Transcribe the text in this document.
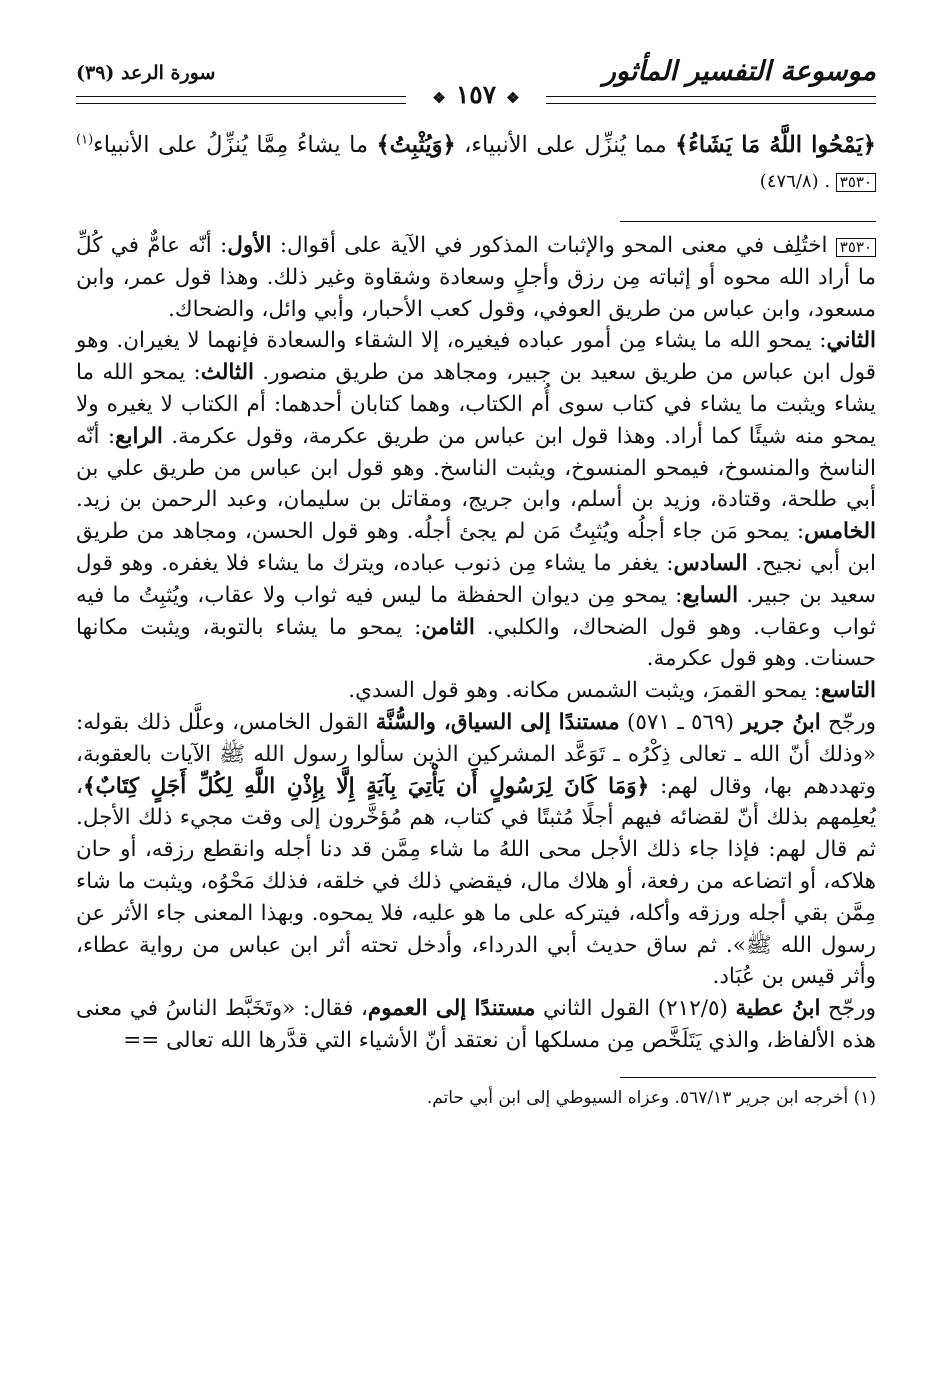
موسوعة التفسير المأثور
سورة الرعد (٣٩)
❖١٥٧❖
﴿يَمْحُوا اللَّهُ مَا يَشَاءُ﴾ مما يُنزِّل على الأنبياء، ﴿وَيُثْبِتُ﴾ ما يشاءُ مِمَّا يُنزِّلُ على الأنبياء$^{(١)}$٣٥٣٠ . (٤٧٦/٨)

٣٥٣٠ اختُلِف في معنى المحو والإثبات المذكور في الآية على أقوال: الأول: أنّه عامٌّ في كُلِّ ما أراد الله محوه أو إثباته مِن رزق وأجلٍ وسعادة وشقاوة وغير ذلك. وهذا قول عمر، وابن مسعود، وابن عباس من طريق العوفي، وقول كعب الأحبار، وأبي وائل، والضحاك.

الثاني: يمحو الله ما يشاء مِن أمور عباده فيغيره، إلا الشقاء والسعادة فإنهما لا يغيران. وهو قول ابن عباس من طريق سعيد بن جبير، ومجاهد من طريق منصور. الثالث: يمحو الله ما يشاء ويثبت ما يشاء في كتاب سوى أُم الكتاب، وهما كتابان أحدهما: أم الكتاب لا يغيره ولا يمحو منه شيئًا كما أراد. وهذا قول ابن عباس من طريق عكرمة، وقول عكرمة. الرابع: أنّه الناسخ والمنسوخ، فيمحو المنسوخ، ويثبت الناسخ. وهو قول ابن عباس من طريق علي بن أبي طلحة، وقتادة، وزيد بن أسلم، وابن جريج، ومقاتل بن سليمان، وعبد الرحمن بن زيد. الخامس: يمحو مَن جاء أجلُه ويُثبِتُ مَن لم يجئ أجلُه. وهو قول الحسن، ومجاهد من طريق ابن أبي نجيح. السادس: يغفر ما يشاء مِن ذنوب عباده، ويترك ما يشاء فلا يغفره. وهو قول سعيد بن جبير. السابع: يمحو مِن ديوان الحفظة ما ليس فيه ثواب ولا عقاب، ويُثبِتُ ما فيه ثواب وعقاب. وهو قول الضحاك، والكلبي. الثامن: يمحو ما يشاء بالتوبة، ويثبت مكانها حسنات. وهو قول عكرمة.

التاسع: يمحو القمرَ، ويثبت الشمس مكانه. وهو قول السدي.

ورجّح ابنُ جرير (٥٦٩ ـ ٥٧١) مستندًا إلى السياق، والسُّنَّة القول الخامس، وعلَّل ذلك بقوله: «وذلك أنّ الله ـ تعالى ذِكْرُه ـ تَوَعَّد المشركين الذين سألوا رسول الله ﷺ الآيات بالعقوبة، وتهددهم بها، وقال لهم: ﴿وَمَا كَانَ لِرَسُولٍ أَن يَأْتِيَ بِآيَةٍ إِلَّا بِإِذْنِ اللَّهِ لِكُلِّ أَجَلٍ كِتَابٌ﴾، يُعلِمهم بذلك أنّ لقضائه فيهم أجلًا مُثبتًا في كتاب، هم مُؤخَّرون إلى وقت مجيء ذلك الأجل. ثم قال لهم: فإذا جاء ذلك الأجل محى اللهُ ما شاء مِمَّن قد دنا أجله وانقطع رزقه، أو حان هلاكه، أو اتضاعه من رفعة، أو هلاك مال، فيقضي ذلك في خلقه، فذلك مَحْوُه، ويثبت ما شاء مِمَّن بقي أجله ورزقه وأكله، فيتركه على ما هو عليه، فلا يمحوه. وبهذا المعنى جاء الأثر عن رسول الله ﷺ». ثم ساق حديث أبي الدرداء، وأدخل تحته أثر ابن عباس من رواية عطاء، وأثر قيس بن عُبَاد.

ورجّح ابنُ عطية (٢١٢/٥) القول الثاني مستندًا إلى العموم، فقال: «وتَخَبَّط الناسُ في معنى هذه الألفاظ، والذي يَتَلَخَّص مِن مسلكها أن نعتقد أنّ الأشياء التي قدَّرها الله تعالى ==

(١) أخرجه ابن جرير ٥٦٧/١٣. وعزاه السيوطي إلى ابن أبي حاتم.
